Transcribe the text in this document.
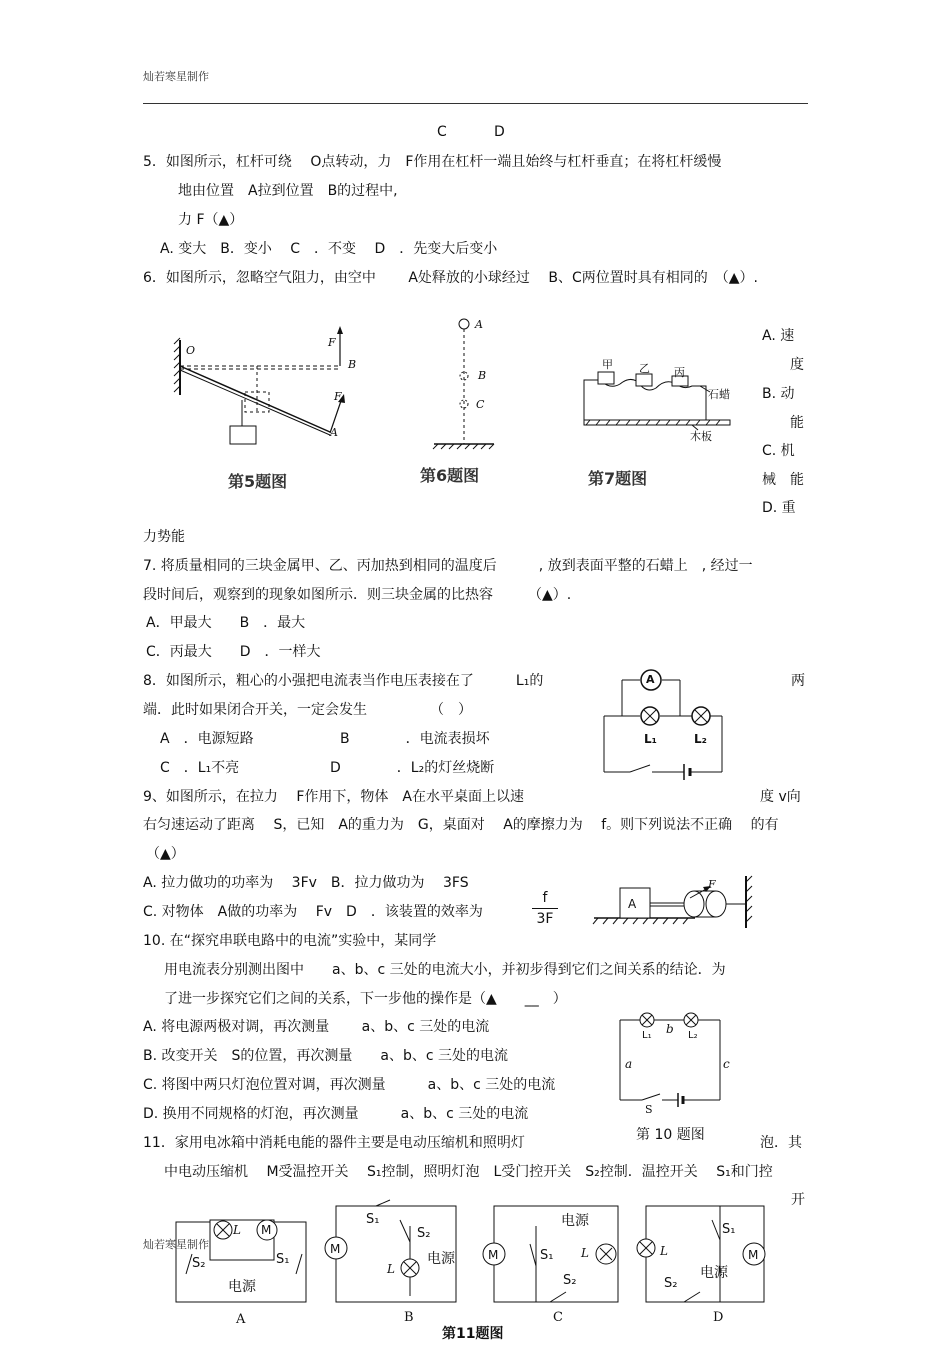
灿若寒星制作
C	D
5．如图所示，杠杆可绕　 O点转动，力　F作用在杠杆一端且始终与杠杆垂直；在将杠杆缓慢
地由位置　A拉到位置　B的过程中,
力 F（▲）
A. 变大　B．变小　 C　．不变　 D　．先变大后变小
6．如图所示，忽略空气阻力，由空中　　 A处释放的小球经过　 B、C两位置时具有相同的　（▲）.
O
B
A
F
F
第5题图
A
B
C
第6题图
甲 乙 丙
石蜡
木板
第7题图
A. 速
度
B. 动
能
C. 机
械　能
D. 重
力势能
7. 将质量相同的三块金属甲、乙、丙加热到相同的温度后　　　, 放到表面平整的石蜡上　, 经过一
段时间后，观察到的现象如图所示．则三块金属的比热容　　　（▲）.
A．甲最大　　B　．最大
C．丙最大　　D　．一样大
8．如图所示，粗心的小强把电流表当作电压表接在了　　　L₁的	两
端．此时如果闭合开关，一定会发生　　　　　（　）
A　．电源短路	B　　　　．电流表损坏
C　．L₁不亮	D　　　　．L₂的灯丝烧断
A
L₁	L₂
9、如图所示，在拉力　 F作用下，物体　A在水平桌面上以速	度 v向
右匀速运动了距离　 S，已知　A的重力为　G，桌面对　 A的摩擦力为　 f。则下列说法不正确　 的有
（▲）
A. 拉力做功的功率为　 3Fv　B．拉力做功为　 3FS
C. 对物体　A做的功率为　 Fv　D　．该装置的效率为
f
3F
A
F
10. 在“探究串联电路中的电流”实验中，某同学
用电流表分别测出图中　　a、b、c 三处的电流大小，并初步得到它们之间关系的结论．为
了进一步探究它们之间的关系，下一步他的操作是（▲　　__　）
A. 将电源两极对调，再次测量　　 a、b、c 三处的电流
B. 改变开关　S的位置，再次测量　　a、b、c 三处的电流
C. 将图中两只灯泡位置对调，再次测量　　　a、b、c 三处的电流
D. 换用不同规格的灯泡，再次测量　　　a、b、c 三处的电流
a
b
c
S
L₁	L₂
第 10 题图
11．家用电冰箱中消耗电能的器件主要是电动压缩机和照明灯	泡．其
中电动压缩机　 M受温控开关　 S₁控制，照明灯泡　L受门控开关　S₂控制．温控开关　 S₁和门控
开
电源
电源
电源
电源
M
M	M	M
L
L
L	L
S₂	S₁
S₁
S₂
S₁
S₂
S₁
S₂
A	B	C	D
第11题图
灿若寒星制作
